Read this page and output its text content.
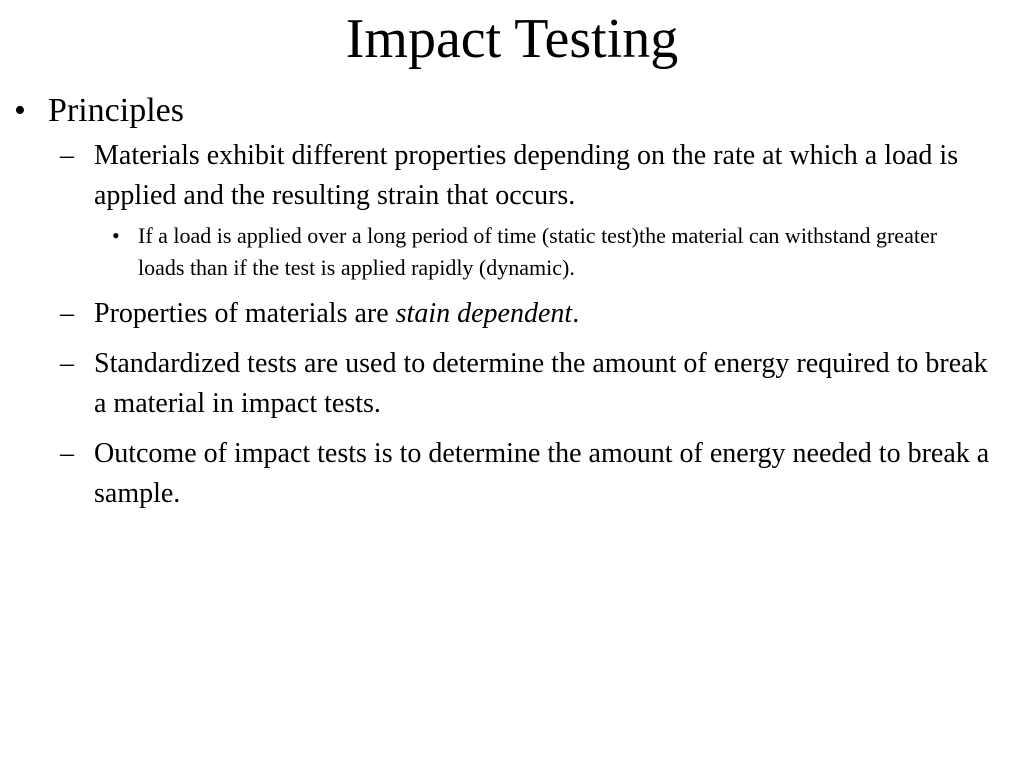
Impact Testing
• Principles
– Materials exhibit different properties depending on the rate at which a load is applied and the resulting strain that occurs.
• If a load is applied over a long period of time (static test)the material can withstand greater loads than if the test is applied rapidly (dynamic).
– Properties of materials are stain dependent.
– Standardized tests are used to determine the amount of energy required to break a material in impact tests.
– Outcome of impact tests is to determine the amount of energy needed to break a sample.
